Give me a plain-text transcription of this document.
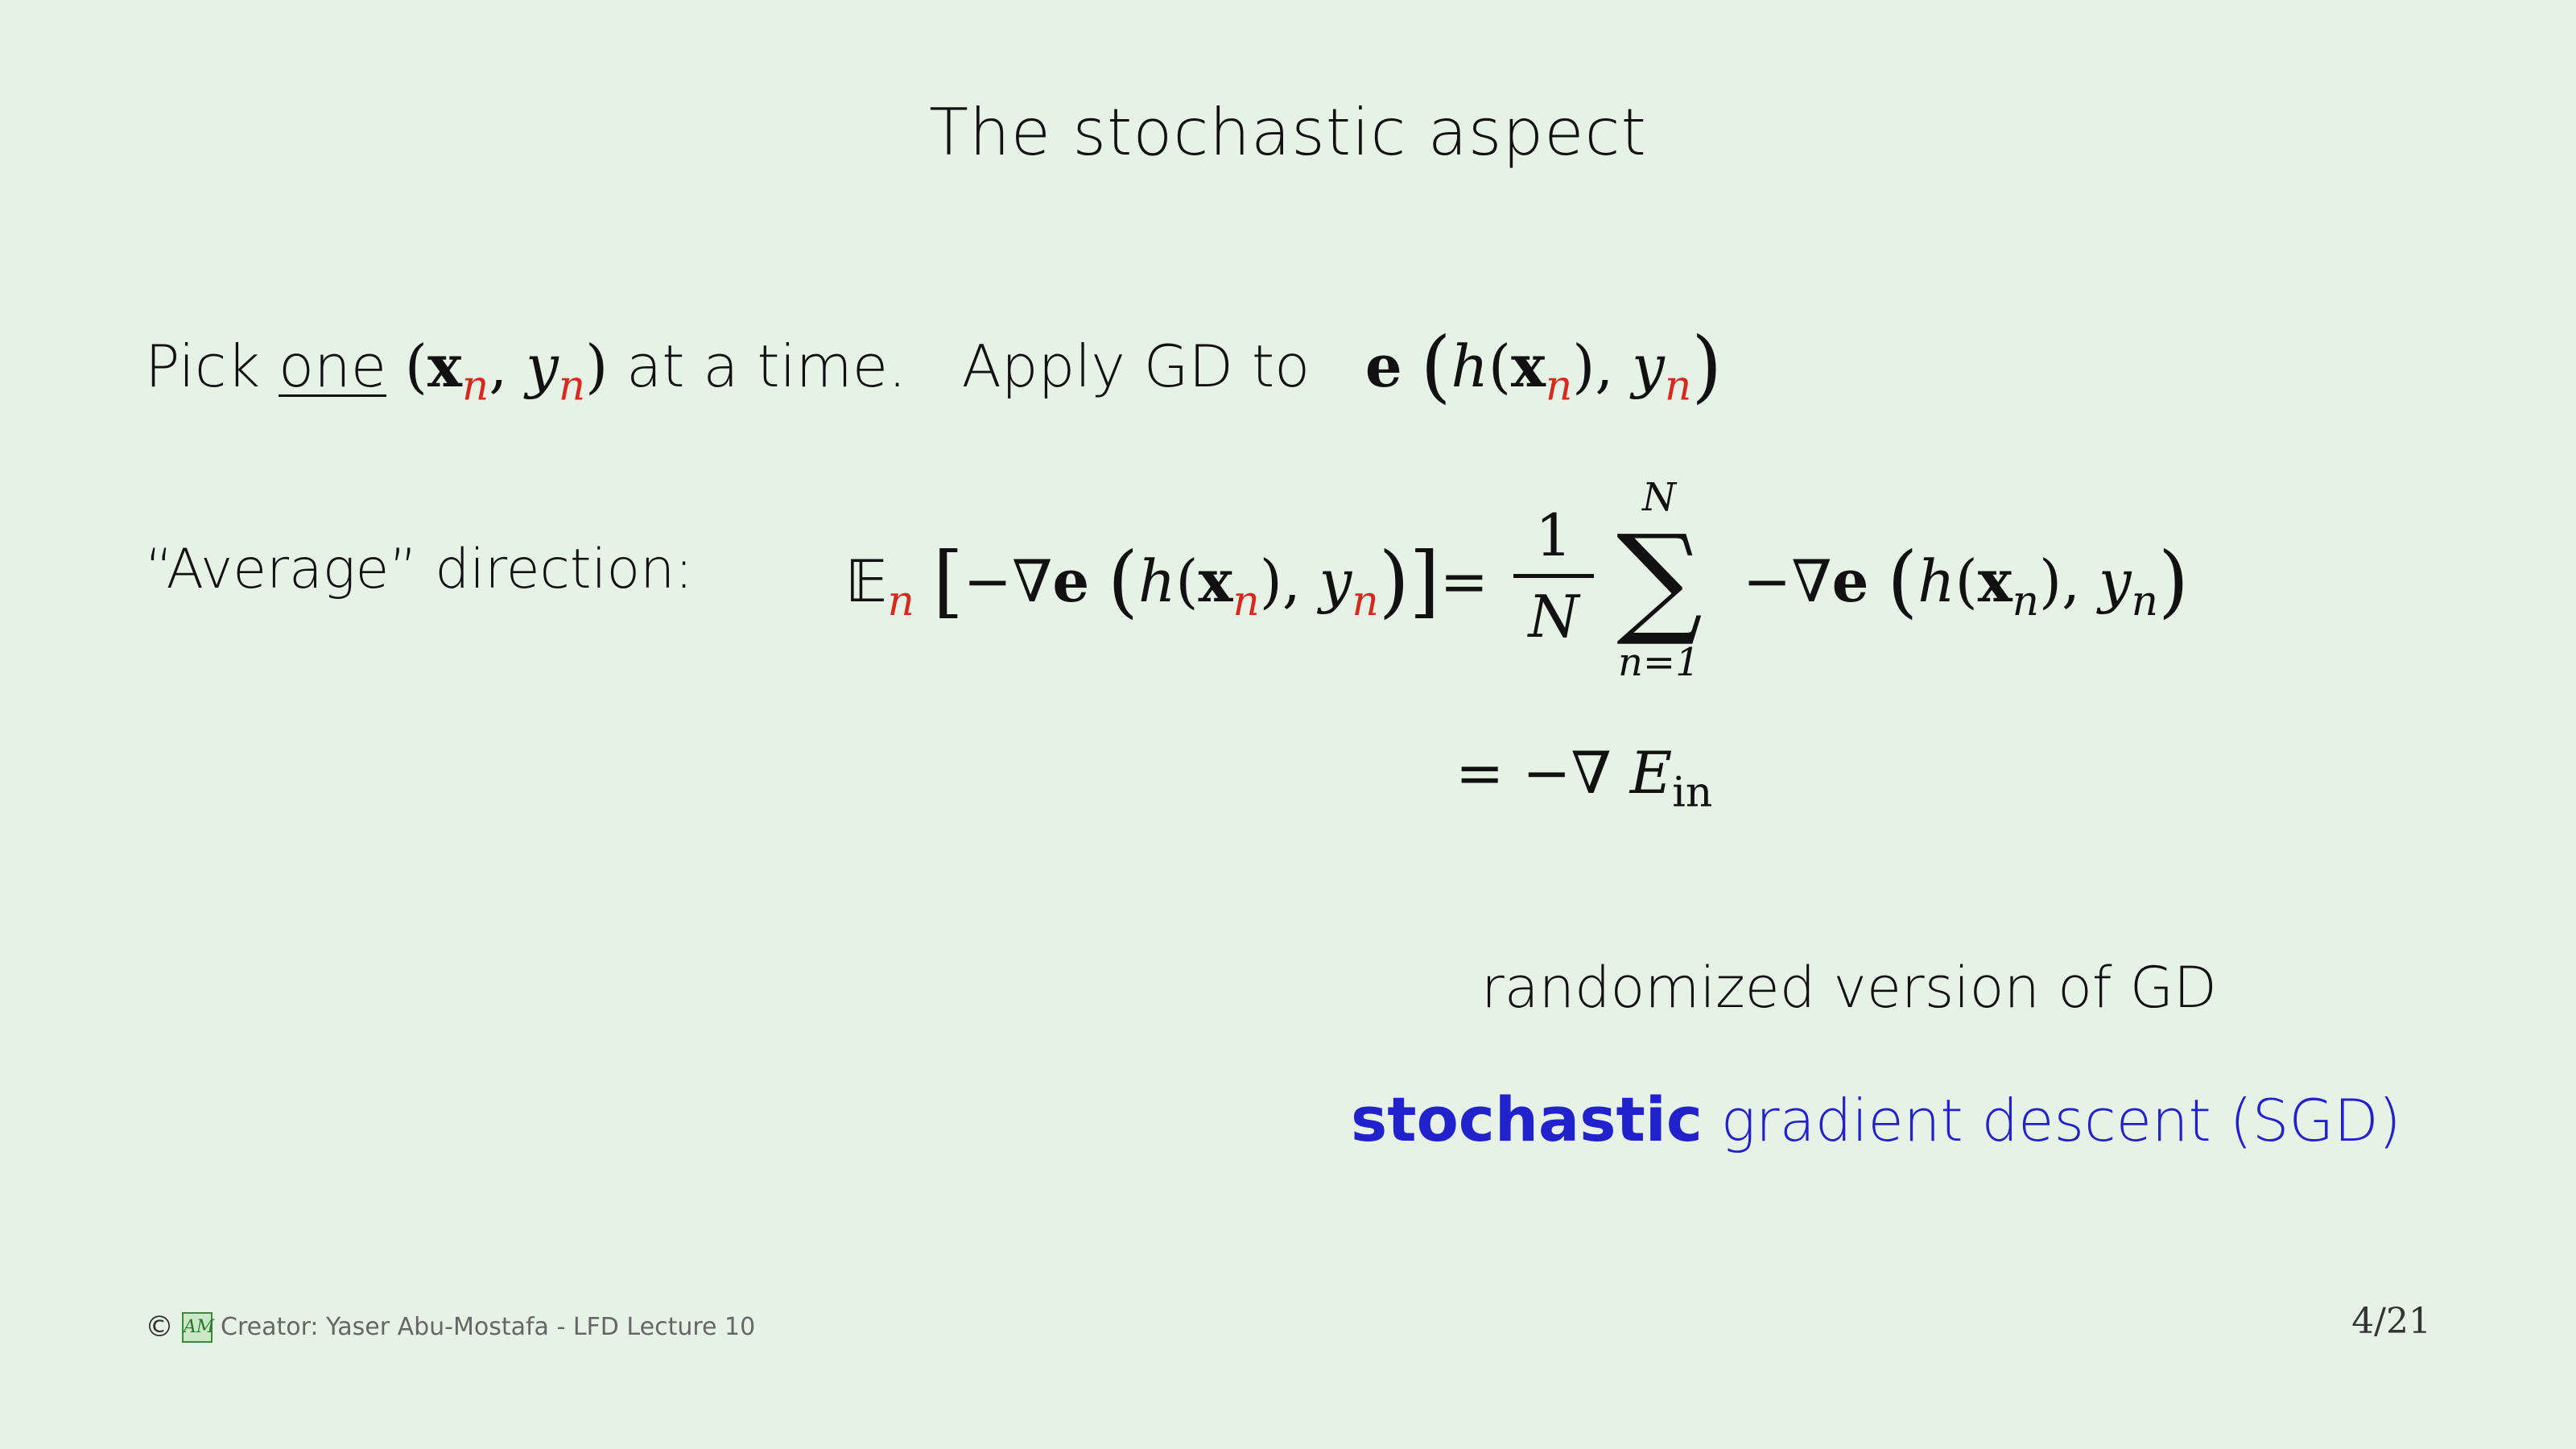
The stochastic aspect
Pick one ($x_n$, $y_n$) at a time. Apply GD to e ($h(x_n)$, $y_n$)
“Average” direction:	𝔼$_n$ [−∇e ($h(x_n)$, $y_n)]=$
1
N
N
∑
n=1
−∇e ($h(x_n)$, $y_n$)
= −∇ $E_{in}$
randomized version of GD
stochastic gradient descent (SGD)
© AM Creator: Yaser Abu-Mostafa - LFD Lecture 10	4/21
